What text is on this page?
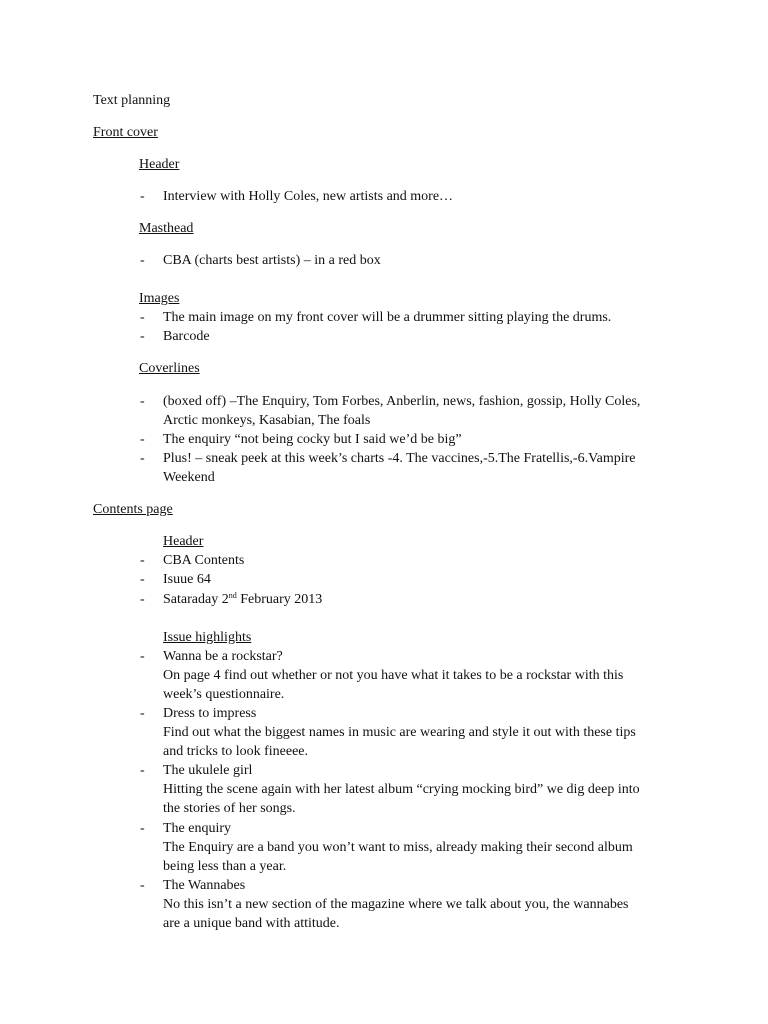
Text planning
Front cover
Header
- Interview with Holly Coles, new artists and more…
Masthead
- CBA (charts best artists) – in a red box
Images
- The main image on my front cover will be a drummer sitting playing the drums.
- Barcode
Coverlines
- (boxed off) –The Enquiry, Tom Forbes, Anberlin, news, fashion, gossip, Holly Coles,
Arctic monkeys, Kasabian, The foals
- The enquiry “not being cocky but I said we’d be big”
- Plus! – sneak peek at this week’s charts -4. The vaccines,-5.The Fratellis,-6.Vampire
Weekend
Contents page
Header
- CBA Contents
- Isuue 64
- Sataraday 2nd February 2013
Issue highlights
- Wanna be a rockstar?
On page 4 find out whether or not you have what it takes to be a rockstar with this
week’s questionnaire.
- Dress to impress
Find out what the biggest names in music are wearing and style it out with these tips
and tricks to look fineeee.
- The ukulele girl
Hitting the scene again with her latest album “crying mocking bird” we dig deep into
the stories of her songs.
- The enquiry
The Enquiry are a band you won’t want to miss, already making their second album
being less than a year.
- The Wannabes
No this isn’t a new section of the magazine where we talk about you, the wannabes
are a unique band with attitude.
